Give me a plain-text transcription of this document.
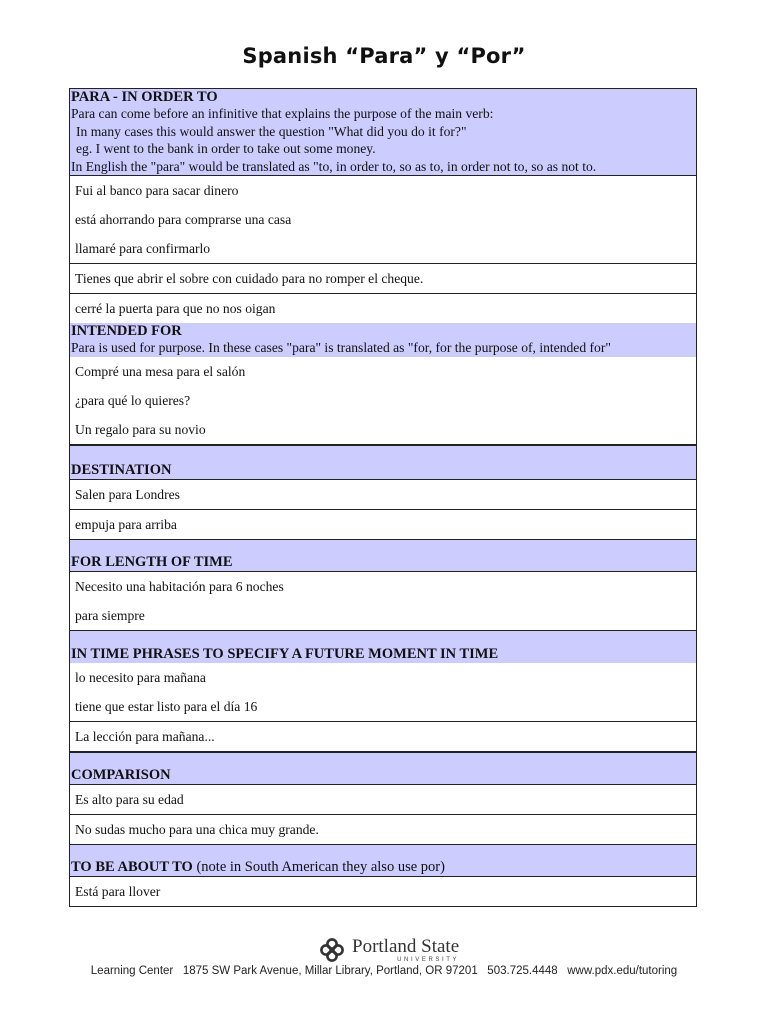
Spanish “Para” y “Por”
PARA - IN ORDER TO
Para can come before an infinitive that explains the purpose of the main verb:
In many cases this would answer the question "What did you do it for?"
eg. I went to the bank in order to take out some money.
In English the "para" would be translated as "to, in order to, so as to, in order not to, so as not to.
Fui al banco para sacar dinero
está ahorrando para comprarse una casa
llamaré para confirmarlo
Tienes que abrir el sobre con cuidado para no romper el cheque.
cerré la puerta para que no nos oigan
INTENDED FOR
Para is used for purpose. In these cases "para" is translated as "for, for the purpose of, intended for"
Compré una mesa para el salón
¿para qué lo quieres?
Un regalo para su novio
DESTINATION
Salen para Londres
empuja para arriba
FOR LENGTH OF TIME
Necesito una habitación para 6 noches
para siempre
IN TIME PHRASES TO SPECIFY A FUTURE MOMENT IN TIME
lo necesito para mañana
tiene que estar listo para el día 16
La lección para mañana...
COMPARISON
Es alto para su edad
No sudas mucho para una chica muy grande.
TO BE ABOUT TO (note in South American they also use por)
Está para llover
Portland State
UNIVERSITY
Learning Center   1875 SW Park Avenue, Millar Library, Portland, OR 97201   503.725.4448   www.pdx.edu/tutoring
